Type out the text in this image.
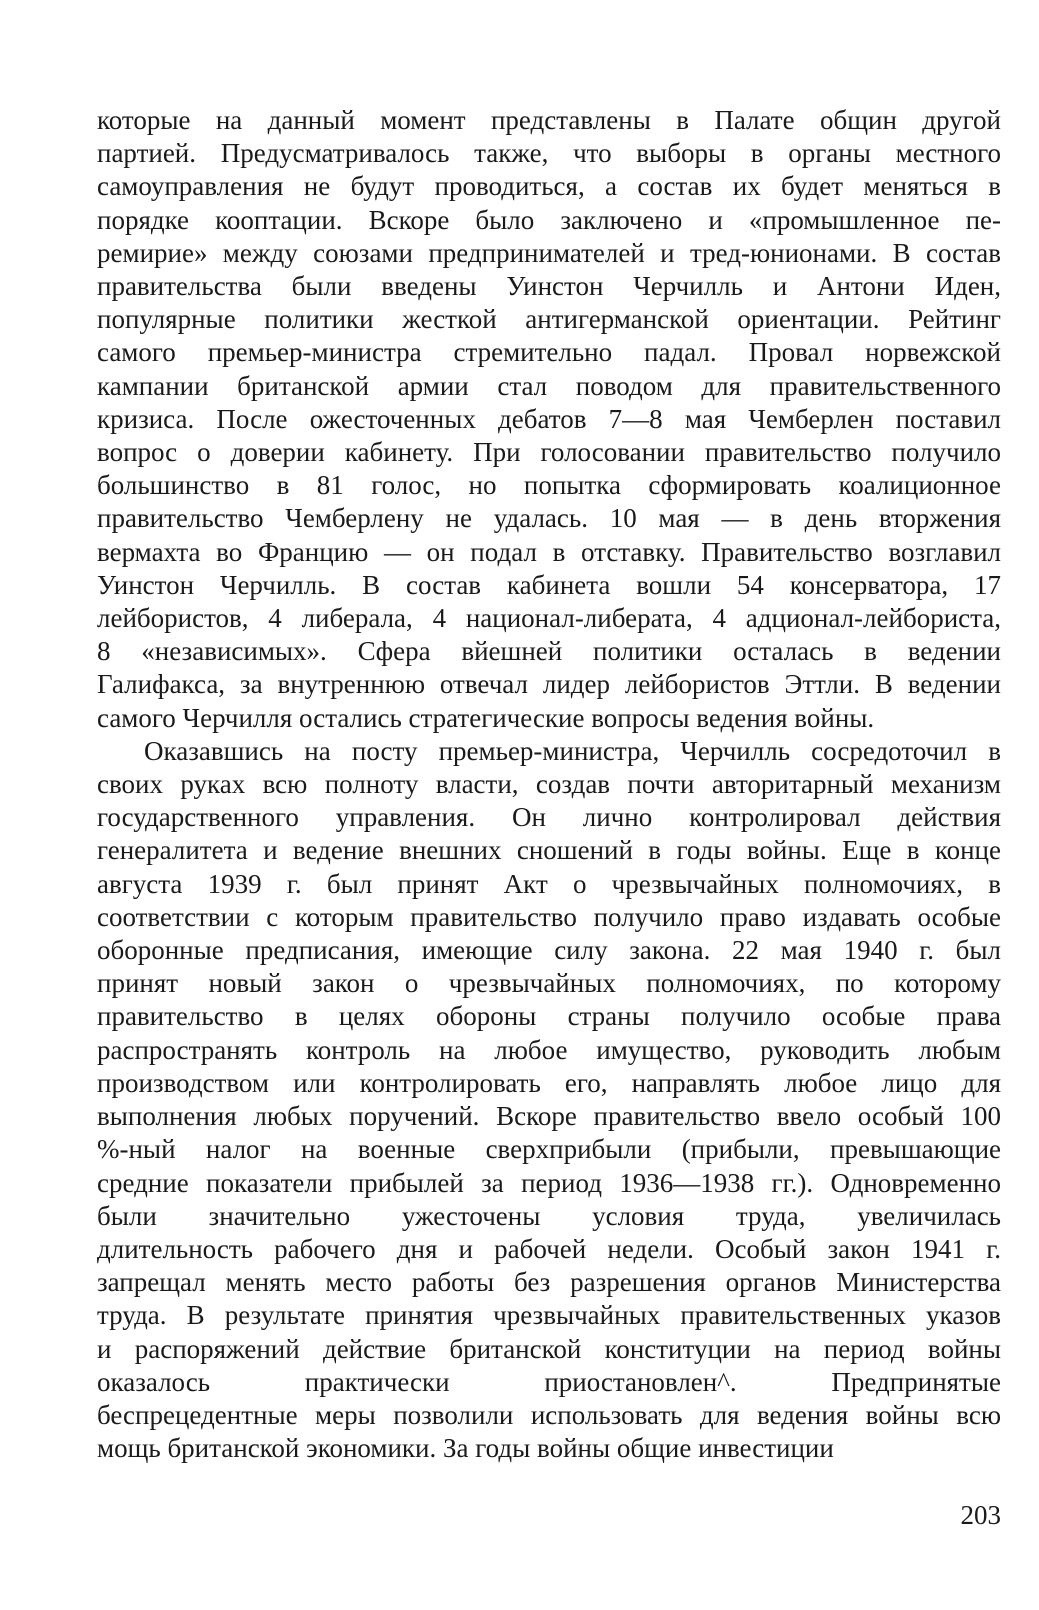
которые на данный момент представлены в Палате общин другой
партией. Предусматривалось также, что выборы в органы местного
самоуправления не будут проводиться, а состав их будет меняться в
порядке кооптации. Вскоре было заключено и «промышленное пе-
ремирие» между союзами предпринимателей и тред-юнионами. В состав
правительства были введены Уинстон Черчилль и Антони Иден,
популярные политики жесткой антигерманской ориентации. Рейтинг
самого премьер-министра стремительно падал. Провал норвежской
кампании британской армии стал поводом для правительственного
кризиса. После ожесточенных дебатов 7—8 мая Чемберлен поставил
вопрос о доверии кабинету. При голосовании правительство получило
большинство в 81 голос, но попытка сформировать коалиционное
правительство Чемберлену не удалась. 10 мая — в день вторжения
вермахта во Францию — он подал в отставку. Правительство возглавил
Уинстон Черчилль. В состав кабинета вошли 54 консерватора, 17
лейбористов, 4 либерала, 4 национал-либерата, 4 адционал-лейбориста,
8 «независимых». Сфера вйешней политики осталась в ведении
Галифакса, за внутреннюю отвечал лидер лейбористов Эттли. В ведении
самого Черчилля остались стратегические вопросы ведения войны.
Оказавшись на посту премьер-министра, Черчилль сосредоточил в
своих руках всю полноту власти, создав почти авторитарный механизм
государственного управления. Он лично контролировал действия
генералитета и ведение внешних сношений в годы войны. Еще в конце
августа 1939 г. был принят Акт о чрезвычайных полномочиях, в
соответствии с которым правительство получило право издавать особые
оборонные предписания, имеющие силу закона. 22 мая 1940 г. был
принят новый закон о чрезвычайных полномочиях, по которому
правительство в целях обороны страны получило особые права
распространять контроль на любое имущество, руководить любым
производством или контролировать его, направлять любое лицо для
выполнения любых поручений. Вскоре правительство ввело особый 100
%-ный налог на военные сверхприбыли (прибыли, превышающие
средние показатели прибылей за период 1936—1938 гг.). Одновременно
были значительно ужесточены условия труда, увеличилась
длительность рабочего дня и рабочей недели. Особый закон 1941 г.
запрещал менять место работы без разрешения органов Министерства
труда. В результате принятия чрезвычайных правительственных указов
и распоряжений действие британской конституции на период войны
оказалось практически приостановлен^. Предпринятые
беспрецедентные меры позволили использовать для ведения войны всю
мощь британской экономики. За годы войны общие инвестиции
203
